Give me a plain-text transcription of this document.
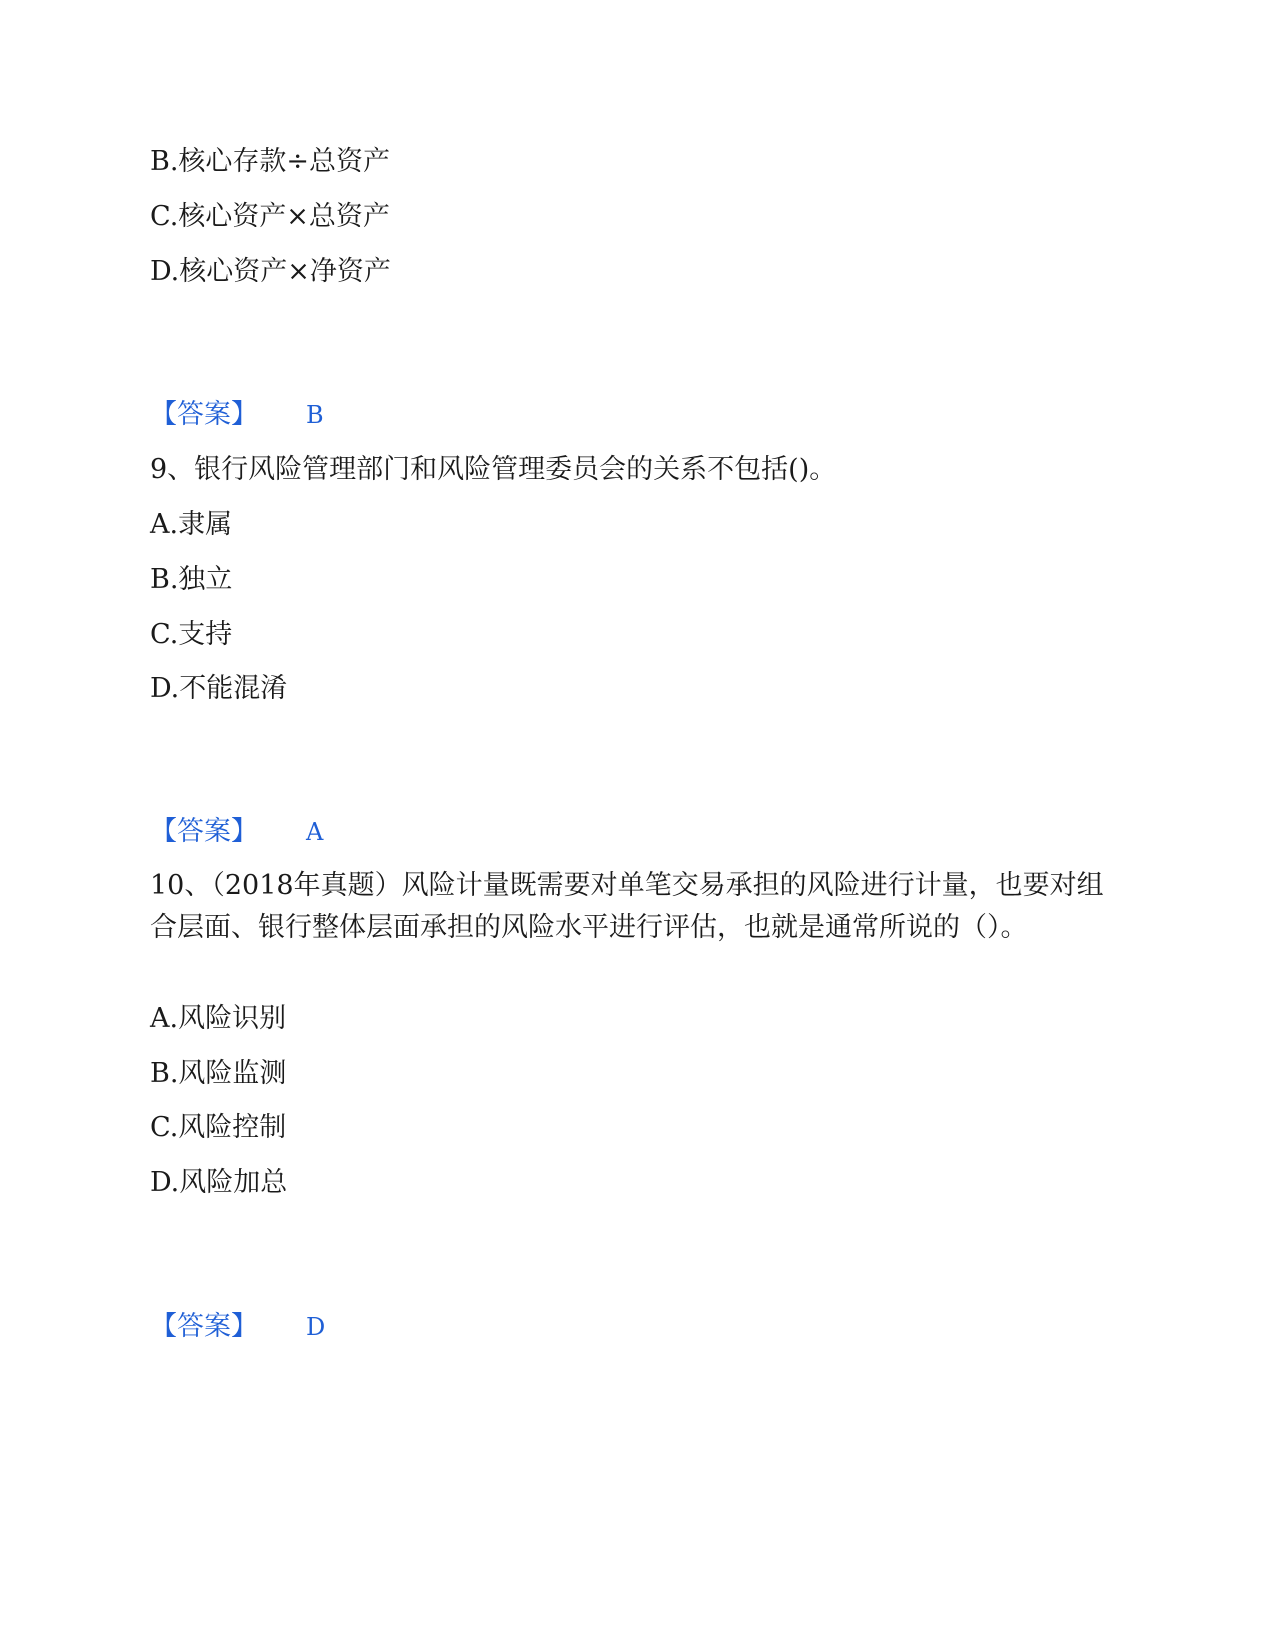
B.核心存款÷总资产
C.核心资产×总资产
D.核心资产×净资产
【答案】 B
9、银行风险管理部门和风险管理委员会的关系不包括()。
A.隶属
B.独立
C.支持
D.不能混淆
【答案】 A
10、（2018年真题）风险计量既需要对单笔交易承担的风险进行计量，也要对组合层面、银行整体层面承担的风险水平进行评估，也就是通常所说的（）。
A.风险识别
B.风险监测
C.风险控制
D.风险加总
【答案】 D
